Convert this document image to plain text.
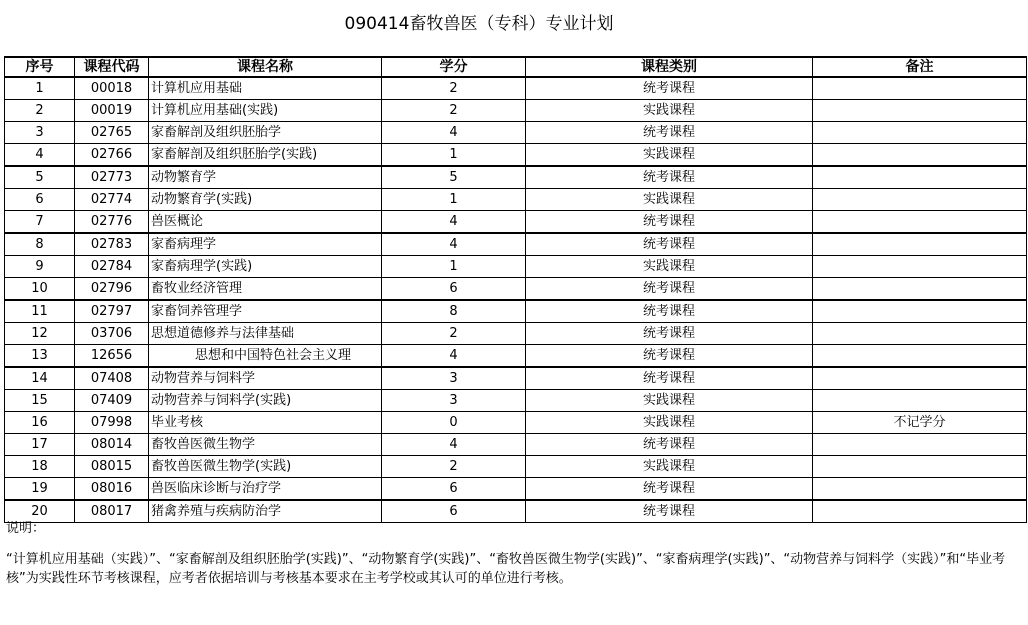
090414畜牧兽医（专科）专业计划
序号	课程代码	课程名称	学分	课程类别	备注
1	00018	计算机应用基础	2	统考课程	
2	00019	计算机应用基础(实践)	2	实践课程	
3	02765	家畜解剖及组织胚胎学	4	统考课程	
4	02766	家畜解剖及组织胚胎学(实践)	1	实践课程	
5	02773	动物繁育学	5	统考课程	
6	02774	动物繁育学(实践)	1	实践课程	
7	02776	兽医概论	4	统考课程	
8	02783	家畜病理学	4	统考课程	
9	02784	家畜病理学(实践)	1	实践课程	
10	02796	畜牧业经济管理	6	统考课程	
11	02797	家畜饲养管理学	8	统考课程	
12	03706	思想道德修养与法律基础	2	统考课程	
13	12656	思想和中国特色社会主义理	4	统考课程	
14	07408	动物营养与饲料学	3	统考课程	
15	07409	动物营养与饲料学(实践)	3	实践课程	
16	07998	毕业考核	0	实践课程	不记学分
17	08014	畜牧兽医微生物学	4	统考课程	
18	08015	畜牧兽医微生物学(实践)	2	实践课程	
19	08016	兽医临床诊断与治疗学	6	统考课程	
20	08017	猪禽养殖与疾病防治学	6	统考课程	
说明：
“计算机应用基础（实践）”、“家畜解剖及组织胚胎学(实践)”、“动物繁育学(实践)”、“畜牧兽医微生物学(实践)”、“家畜病理学(实践)”、“动物营养与饲料学（实践）”和“毕业考核”为实践性环节考核课程，应考者依据培训与考核基本要求在主考学校或其认可的单位进行考核。
